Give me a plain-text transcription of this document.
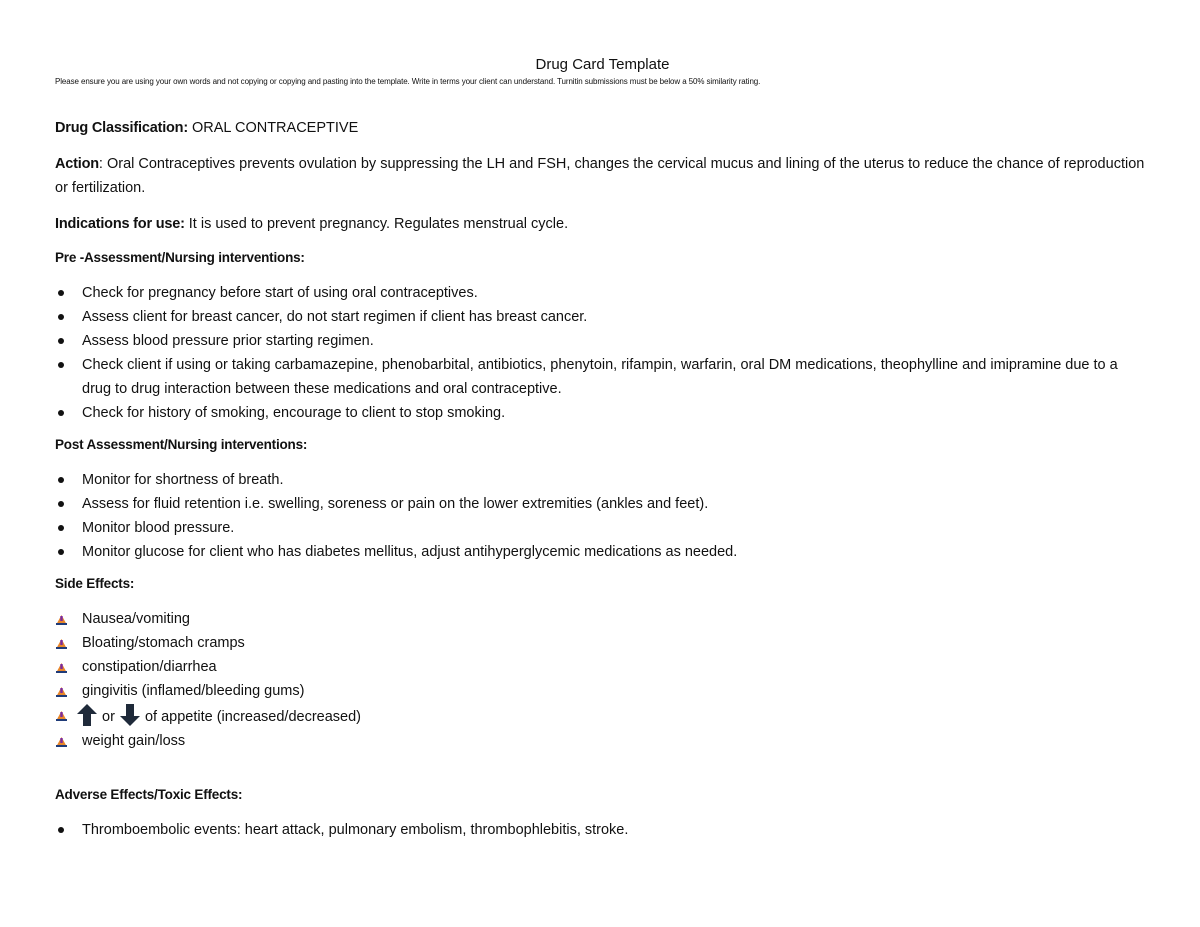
Drug Card Template
Please ensure you are using your own words and not copying or copying and pasting into the template. Write in terms your client can understand. Turnitin submissions must be below a 50% similarity rating.
Drug Classification: ORAL CONTRACEPTIVE
Action: Oral Contraceptives prevents ovulation by suppressing the LH and FSH, changes the cervical mucus and lining of the uterus to reduce the chance of reproduction or fertilization.
Indications for use: It is used to prevent pregnancy. Regulates menstrual cycle.
Pre -Assessment/Nursing interventions:
Check for pregnancy before start of using oral contraceptives.
Assess client for breast cancer, do not start regimen if client has breast cancer.
Assess blood pressure prior starting regimen.
Check client if using or taking carbamazepine, phenobarbital, antibiotics, phenytoin, rifampin, warfarin, oral DM medications, theophylline and imipramine due to a drug to drug interaction between these medications and oral contraceptive.
Check for history of smoking, encourage to client to stop smoking.
Post Assessment/Nursing interventions:
Monitor for shortness of breath.
Assess for fluid retention i.e. swelling, soreness or pain on the lower extremities (ankles and feet).
Monitor blood pressure.
Monitor glucose for client who has diabetes mellitus, adjust antihyperglycemic medications as needed.
Side Effects:
Nausea/vomiting
Bloating/stomach cramps
constipation/diarrhea
gingivitis (inflamed/bleeding gums)
or  of appetite (increased/decreased)
weight gain/loss
Adverse Effects/Toxic Effects:
Thromboembolic events: heart attack, pulmonary embolism, thrombophlebitis, stroke.
